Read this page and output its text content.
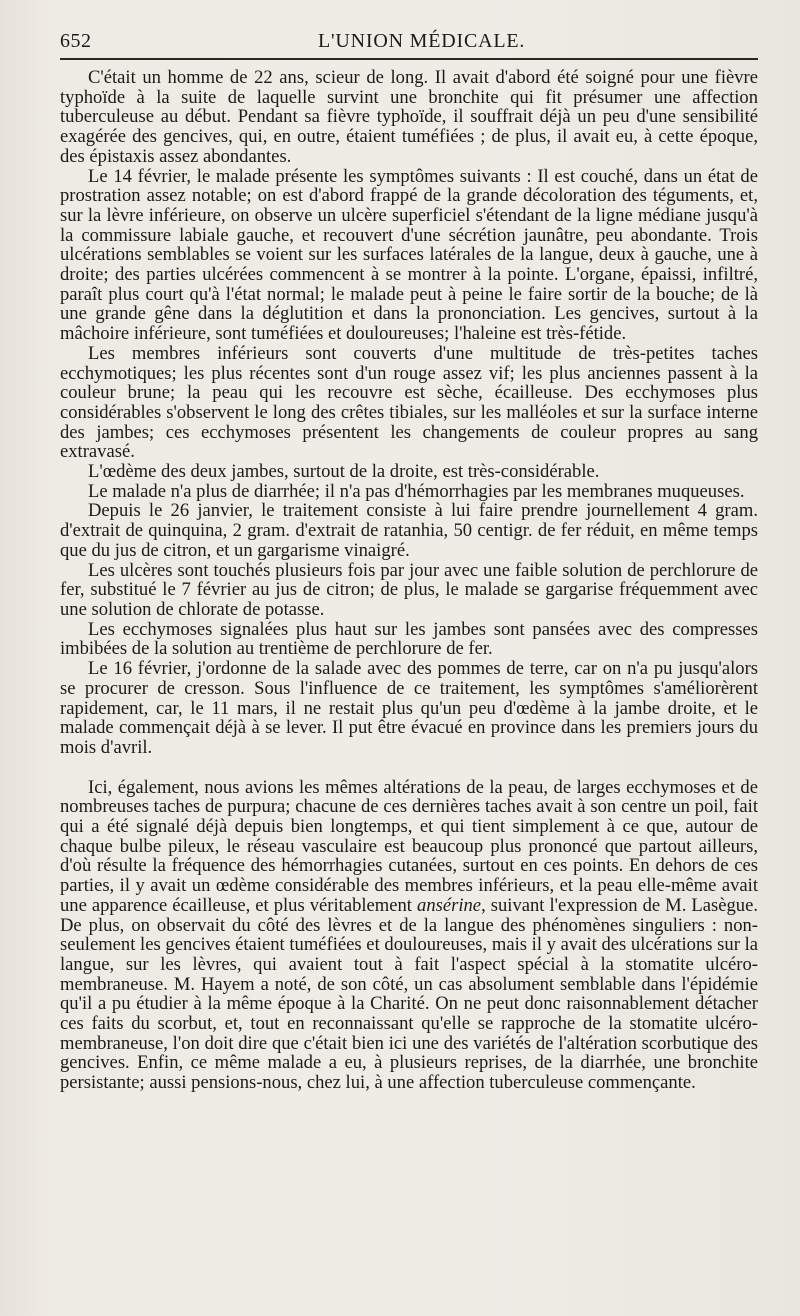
652	L'UNION MÉDICALE.

C'était un homme de 22 ans, scieur de long. Il avait d'abord été soigné pour une fièvre typhoïde à la suite de laquelle survint une bronchite qui fit présumer une affection tuberculeuse au début. Pendant sa fièvre typhoïde, il souffrait déjà un peu d'une sensibilité exagérée des gencives, qui, en outre, étaient tuméfiées ; de plus, il avait eu, à cette époque, des épistaxis assez abondantes.

Le 14 février, le malade présente les symptômes suivants : Il est couché, dans un état de prostration assez notable; on est d'abord frappé de la grande décoloration des téguments, et, sur la lèvre inférieure, on observe un ulcère superficiel s'étendant de la ligne médiane jusqu'à la commissure labiale gauche, et recouvert d'une sécrétion jaunâtre, peu abondante. Trois ulcérations semblables se voient sur les surfaces latérales de la langue, deux à gauche, une à droite; des parties ulcérées commencent à se montrer à la pointe. L'organe, épaissi, infiltré, paraît plus court qu'à l'état normal; le malade peut à peine le faire sortir de la bouche; de là une grande gêne dans la déglutition et dans la prononciation. Les gencives, surtout à la mâchoire inférieure, sont tuméfiées et douloureuses; l'haleine est très-fétide.

Les membres inférieurs sont couverts d'une multitude de très-petites taches ecchymotiques; les plus récentes sont d'un rouge assez vif; les plus anciennes passent à la couleur brune; la peau qui les recouvre est sèche, écailleuse. Des ecchymoses plus considérables s'observent le long des crêtes tibiales, sur les malléoles et sur la surface interne des jambes; ces ecchymoses présentent les changements de couleur propres au sang extravasé.

L'œdème des deux jambes, surtout de la droite, est très-considérable.

Le malade n'a plus de diarrhée; il n'a pas d'hémorrhagies par les membranes muqueuses.

Depuis le 26 janvier, le traitement consiste à lui faire prendre journellement 4 gram. d'extrait de quinquina, 2 gram. d'extrait de ratanhia, 50 centigr. de fer réduit, en même temps que du jus de citron, et un gargarisme vinaigré.

Les ulcères sont touchés plusieurs fois par jour avec une faible solution de perchlorure de fer, substitué le 7 février au jus de citron; de plus, le malade se gargarise fréquemment avec une solution de chlorate de potasse.

Les ecchymoses signalées plus haut sur les jambes sont pansées avec des compresses imbibées de la solution au trentième de perchlorure de fer.

Le 16 février, j'ordonne de la salade avec des pommes de terre, car on n'a pu jusqu'alors se procurer de cresson. Sous l'influence de ce traitement, les symptômes s'améliorèrent rapidement, car, le 11 mars, il ne restait plus qu'un peu d'œdème à la jambe droite, et le malade commençait déjà à se lever. Il put être évacué en province dans les premiers jours du mois d'avril.

Ici, également, nous avions les mêmes altérations de la peau, de larges ecchymoses et de nombreuses taches de purpura; chacune de ces dernières taches avait à son centre un poil, fait qui a été signalé déjà depuis bien longtemps, et qui tient simplement à ce que, autour de chaque bulbe pileux, le réseau vasculaire est beaucoup plus prononcé que partout ailleurs, d'où résulte la fréquence des hémorrhagies cutanées, surtout en ces points. En dehors de ces parties, il y avait un œdème considérable des membres inférieurs, et la peau elle-même avait une apparence écailleuse, et plus véritablement ansérine, suivant l'expression de M. Lasègue. De plus, on observait du côté des lèvres et de la langue des phénomènes singuliers : non-seulement les gencives étaient tuméfiées et douloureuses, mais il y avait des ulcérations sur la langue, sur les lèvres, qui avaient tout à fait l'aspect spécial à la stomatite ulcéro-membraneuse. M. Hayem a noté, de son côté, un cas absolument semblable dans l'épidémie qu'il a pu étudier à la même époque à la Charité. On ne peut donc raisonnablement détacher ces faits du scorbut, et, tout en reconnaissant qu'elle se rapproche de la stomatite ulcéro-membraneuse, l'on doit dire que c'était bien ici une des variétés de l'altération scorbutique des gencives. Enfin, ce même malade a eu, à plusieurs reprises, de la diarrhée, une bronchite persistante; aussi pensions-nous, chez lui, à une affection tuberculeuse commençante.
